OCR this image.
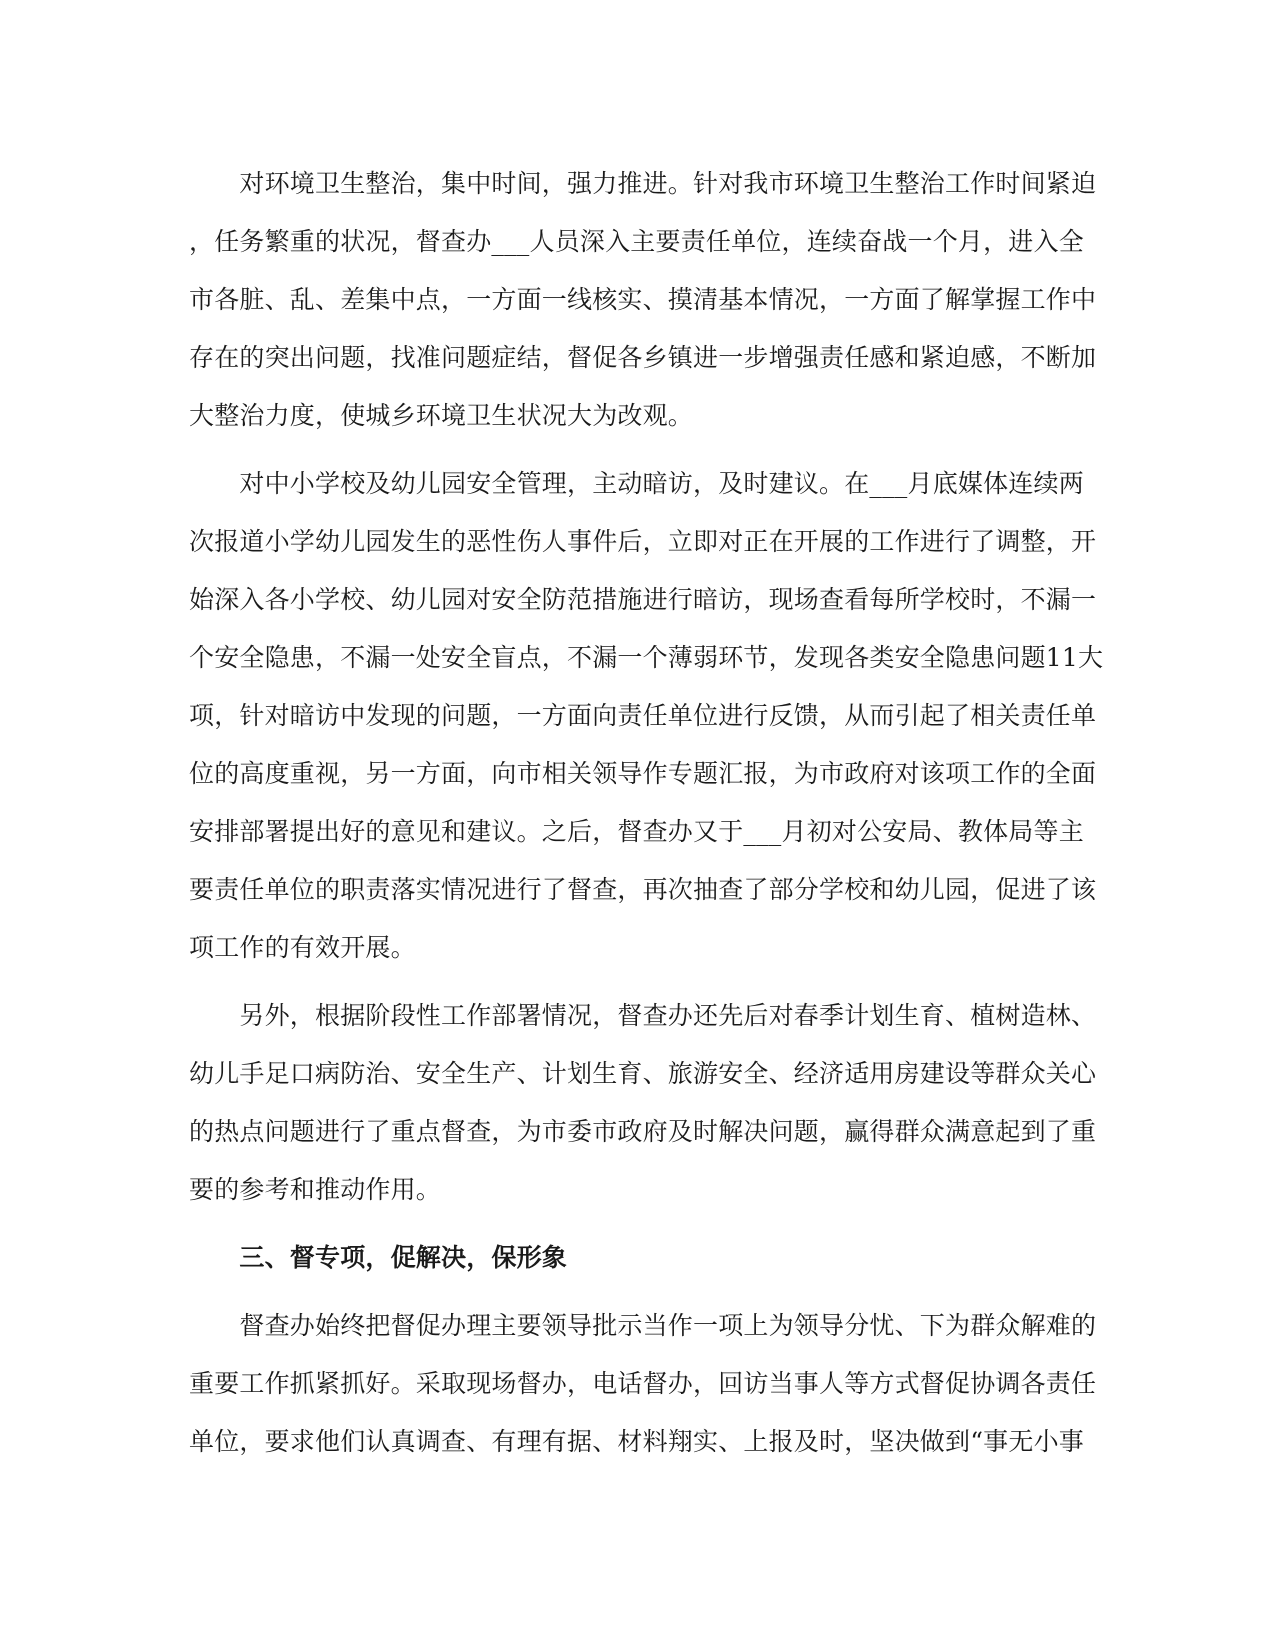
　　对环境卫生整治，集中时间，强力推进。针对我市环境卫生整治工作时间紧迫
，任务繁重的状况，督查办___人员深入主要责任单位，连续奋战一个月，进入全
市各脏、乱、差集中点，一方面一线核实、摸清基本情况，一方面了解掌握工作中
存在的突出问题，找准问题症结，督促各乡镇进一步增强责任感和紧迫感，不断加
大整治力度，使城乡环境卫生状况大为改观。
　　对中小学校及幼儿园安全管理，主动暗访，及时建议。在___月底媒体连续两
次报道小学幼儿园发生的恶性伤人事件后，立即对正在开展的工作进行了调整，开
始深入各小学校、幼儿园对安全防范措施进行暗访，现场查看每所学校时，不漏一
个安全隐患，不漏一处安全盲点，不漏一个薄弱环节，发现各类安全隐患问题11大
项，针对暗访中发现的问题，一方面向责任单位进行反馈，从而引起了相关责任单
位的高度重视，另一方面，向市相关领导作专题汇报，为市政府对该项工作的全面
安排部署提出好的意见和建议。之后，督查办又于___月初对公安局、教体局等主
要责任单位的职责落实情况进行了督查，再次抽查了部分学校和幼儿园，促进了该
项工作的有效开展。
　　另外，根据阶段性工作部署情况，督查办还先后对春季计划生育、植树造林、
幼儿手足口病防治、安全生产、计划生育、旅游安全、经济适用房建设等群众关心
的热点问题进行了重点督查，为市委市政府及时解决问题，赢得群众满意起到了重
要的参考和推动作用。
　　三、督专项，促解决，保形象
　　督查办始终把督促办理主要领导批示当作一项上为领导分忧、下为群众解难的
重要工作抓紧抓好。采取现场督办，电话督办，回访当事人等方式督促协调各责任
单位，要求他们认真调查、有理有据、材料翔实、上报及时，坚决做到“事无小事
